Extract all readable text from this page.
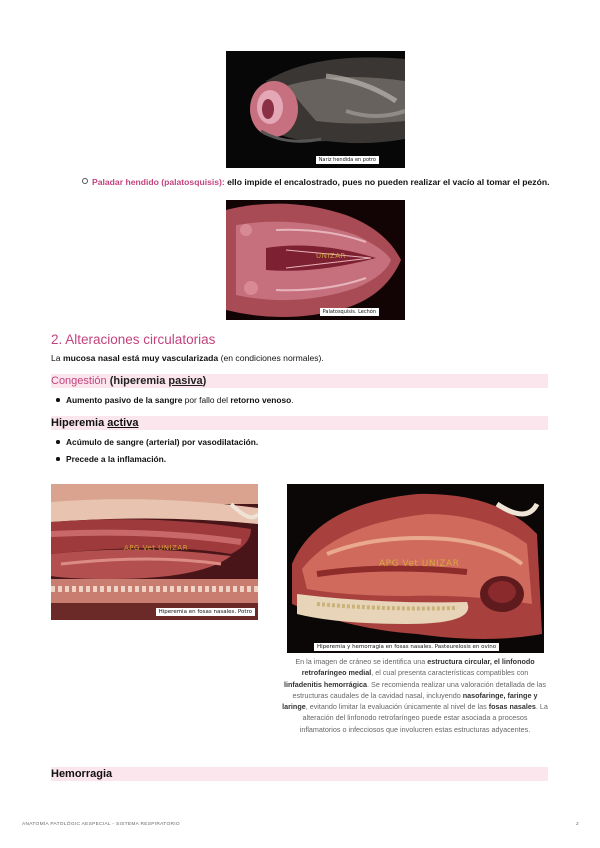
Nariz hendida en potro
Paladar hendido (palatosquisis): ello impide el encalostrado, pues no pueden realizar el vacío al tomar el pezón.
UNIZAR
Palatosquisis. Lechón
2. Alteraciones circulatorias
La mucosa nasal está muy vascularizada (en condiciones normales).
Congestión (hiperemia pasiva)
Aumento pasivo de la sangre por fallo del retorno venoso.
Hiperemia activa
Acúmulo de sangre (arterial) por vasodilatación.
Precede a la inflamación.
APG Vet UNIZAR
Hiperemia en fosas nasales. Potro
APG Vet UNIZAR
Hiperemia y hemorragia en fosas nasales. Pasteurelosis en ovino
En la imagen de cráneo se identifica una estructura circular, el linfonodo retrofaríngeo medial, el cual presenta características compatibles con linfadenitis hemorrágica. Se recomienda realizar una valoración detallada de las estructuras caudales de la cavidad nasal, incluyendo nasofaringe, faringe y laringe, evitando limitar la evaluación únicamente al nivel de las fosas nasales. La alteración del linfonodo retrofaríngeo puede estar asociada a procesos inflamatorios o infecciosos que involucren estas estructuras adyacentes.
Hemorragia
ANATOMÍA PATOLÓGIC AESPECIAL - SISTEMA RESPIRATORIO	2
